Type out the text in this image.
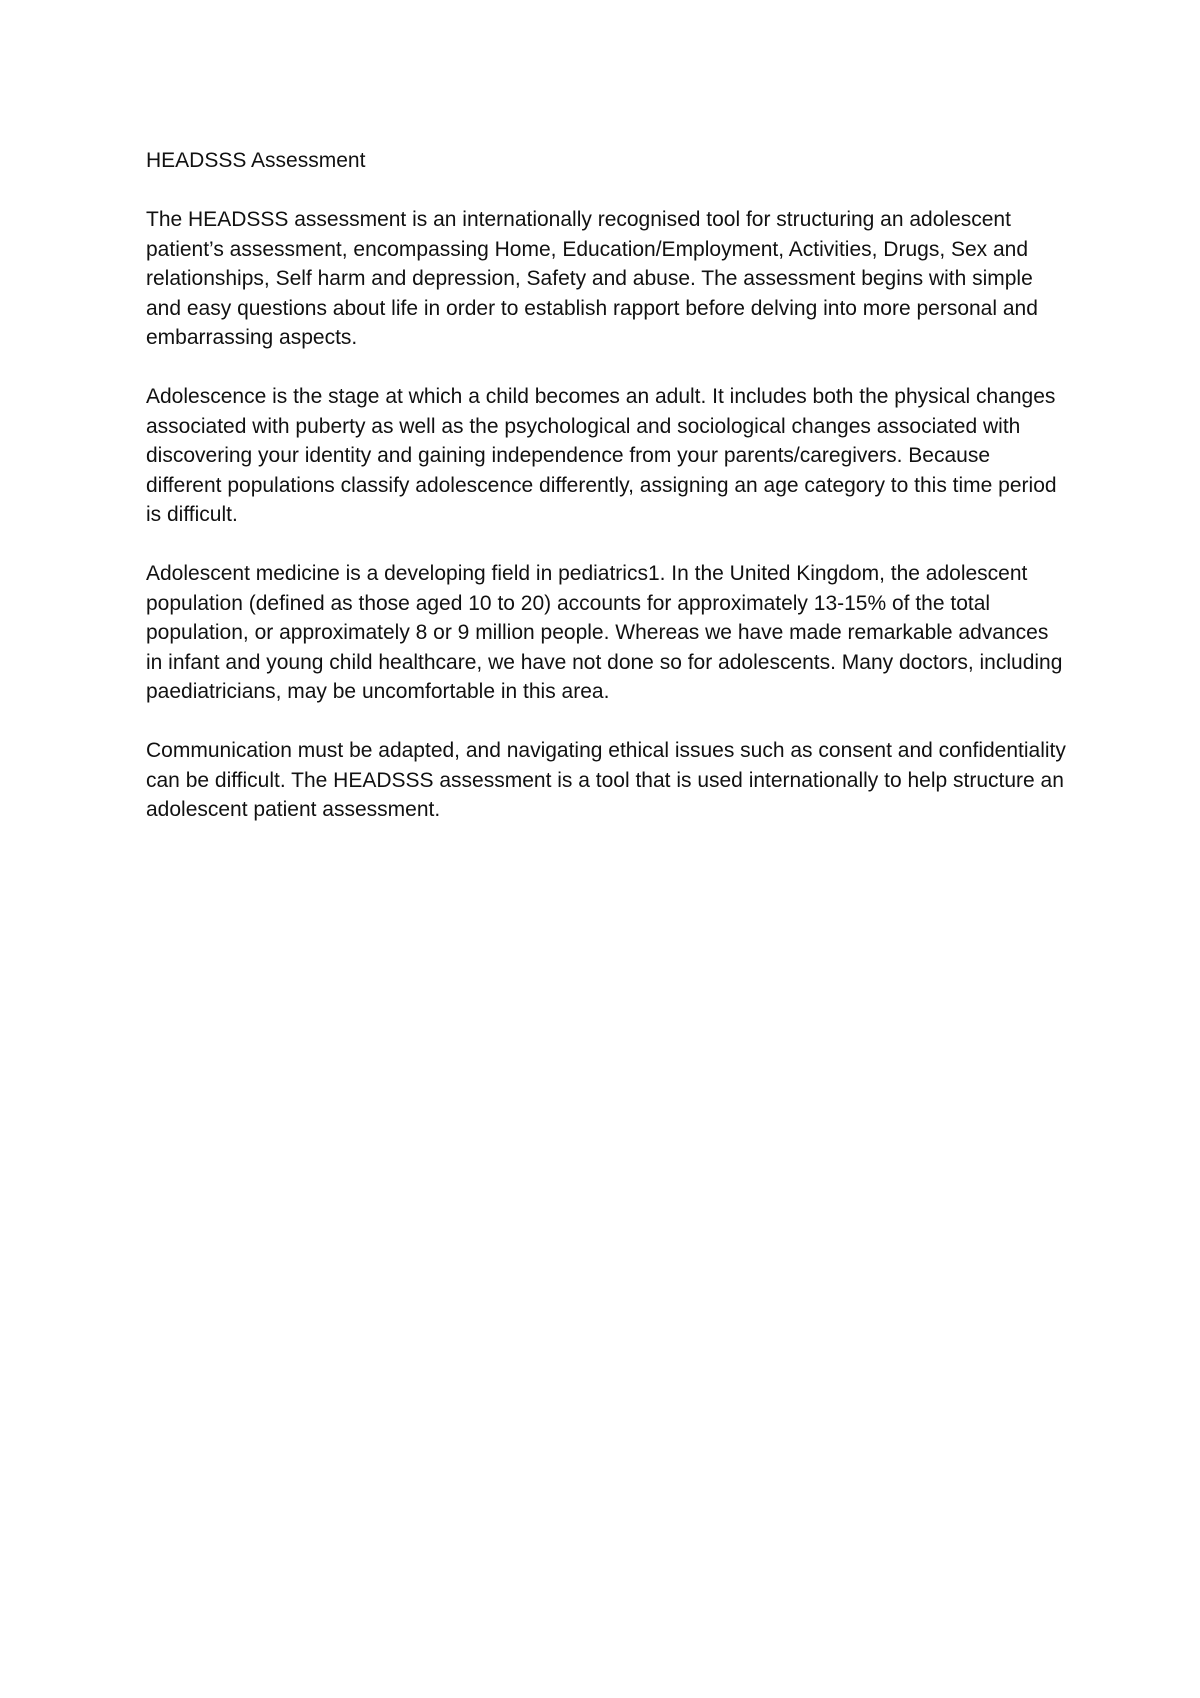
HEADSSS Assessment

The HEADSSS assessment is an internationally recognised tool for structuring an adolescent patient’s assessment, encompassing Home, Education/Employment, Activities, Drugs, Sex and relationships, Self harm and depression, Safety and abuse. The assessment begins with simple and easy questions about life in order to establish rapport before delving into more personal and embarrassing aspects.

Adolescence is the stage at which a child becomes an adult. It includes both the physical changes associated with puberty as well as the psychological and sociological changes associated with discovering your identity and gaining independence from your parents/caregivers. Because different populations classify adolescence differently, assigning an age category to this time period is difficult.

Adolescent medicine is a developing field in pediatrics1. In the United Kingdom, the adolescent population (defined as those aged 10 to 20) accounts for approximately 13-15% of the total population, or approximately 8 or 9 million people. Whereas we have made remarkable advances in infant and young child healthcare, we have not done so for adolescents. Many doctors, including paediatricians, may be uncomfortable in this area.

Communication must be adapted, and navigating ethical issues such as consent and confidentiality can be difficult. The HEADSSS assessment is a tool that is used internationally to help structure an adolescent patient assessment.
